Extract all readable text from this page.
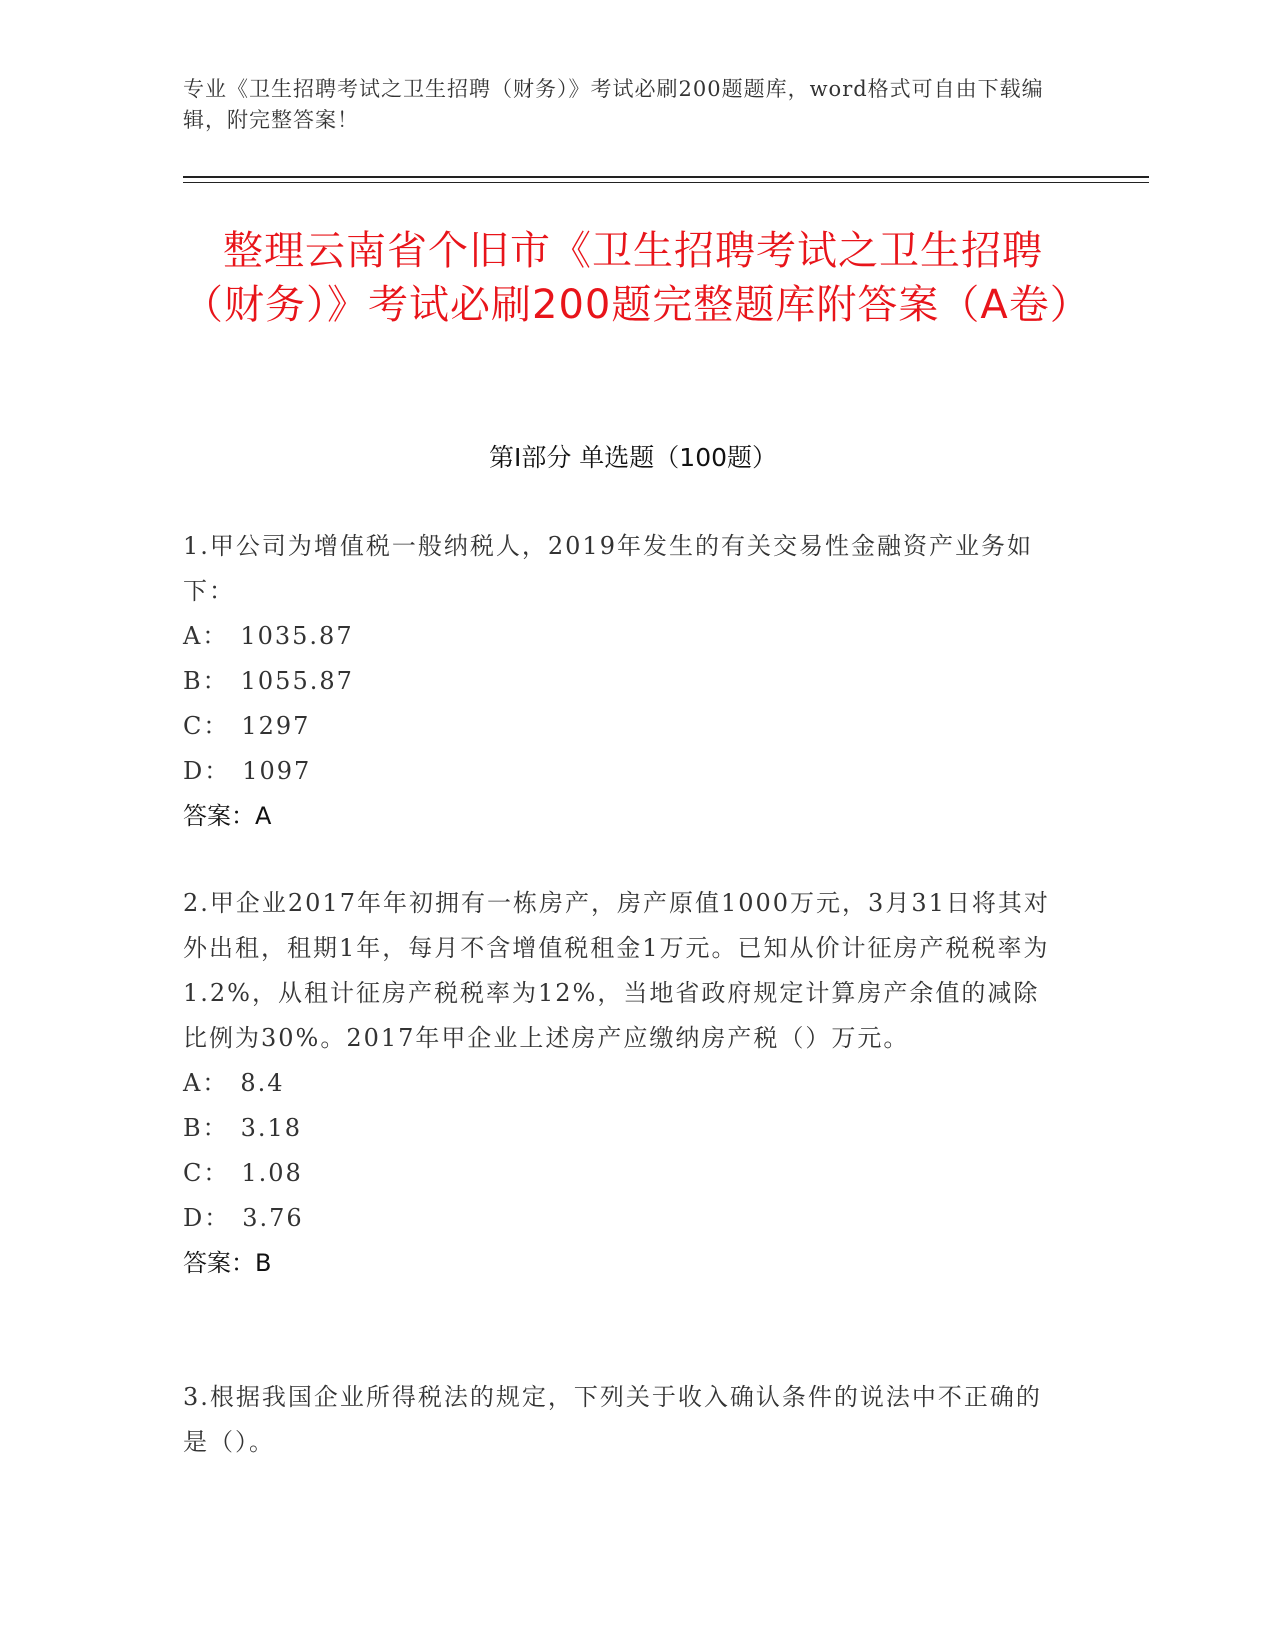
专业《卫生招聘考试之卫生招聘（财务）》考试必刷200题题库，word格式可自由下载编辑，附完整答案！
整理云南省个旧市《卫生招聘考试之卫生招聘（财务）》考试必刷200题完整题库附答案（A卷）
第Ⅰ部分 单选题（100题）

1.甲公司为增值税一般纳税人，2019年发生的有关交易性金融资产业务如下：

A： 1035.87

B： 1055.87

C： 1297

D： 1097

答案：A

2.甲企业2017年年初拥有一栋房产，房产原值1000万元，3月31日将其对外出租，租期1年，每月不含增值税租金1万元。已知从价计征房产税税率为1.2%，从租计征房产税税率为12%，当地省政府规定计算房产余值的减除比例为30%。2017年甲企业上述房产应缴纳房产税（）万元。

A： 8.4

B： 3.18

C： 1.08

D： 3.76

答案：B

3.根据我国企业所得税法的规定，下列关于收入确认条件的说法中不正确的是（）。
